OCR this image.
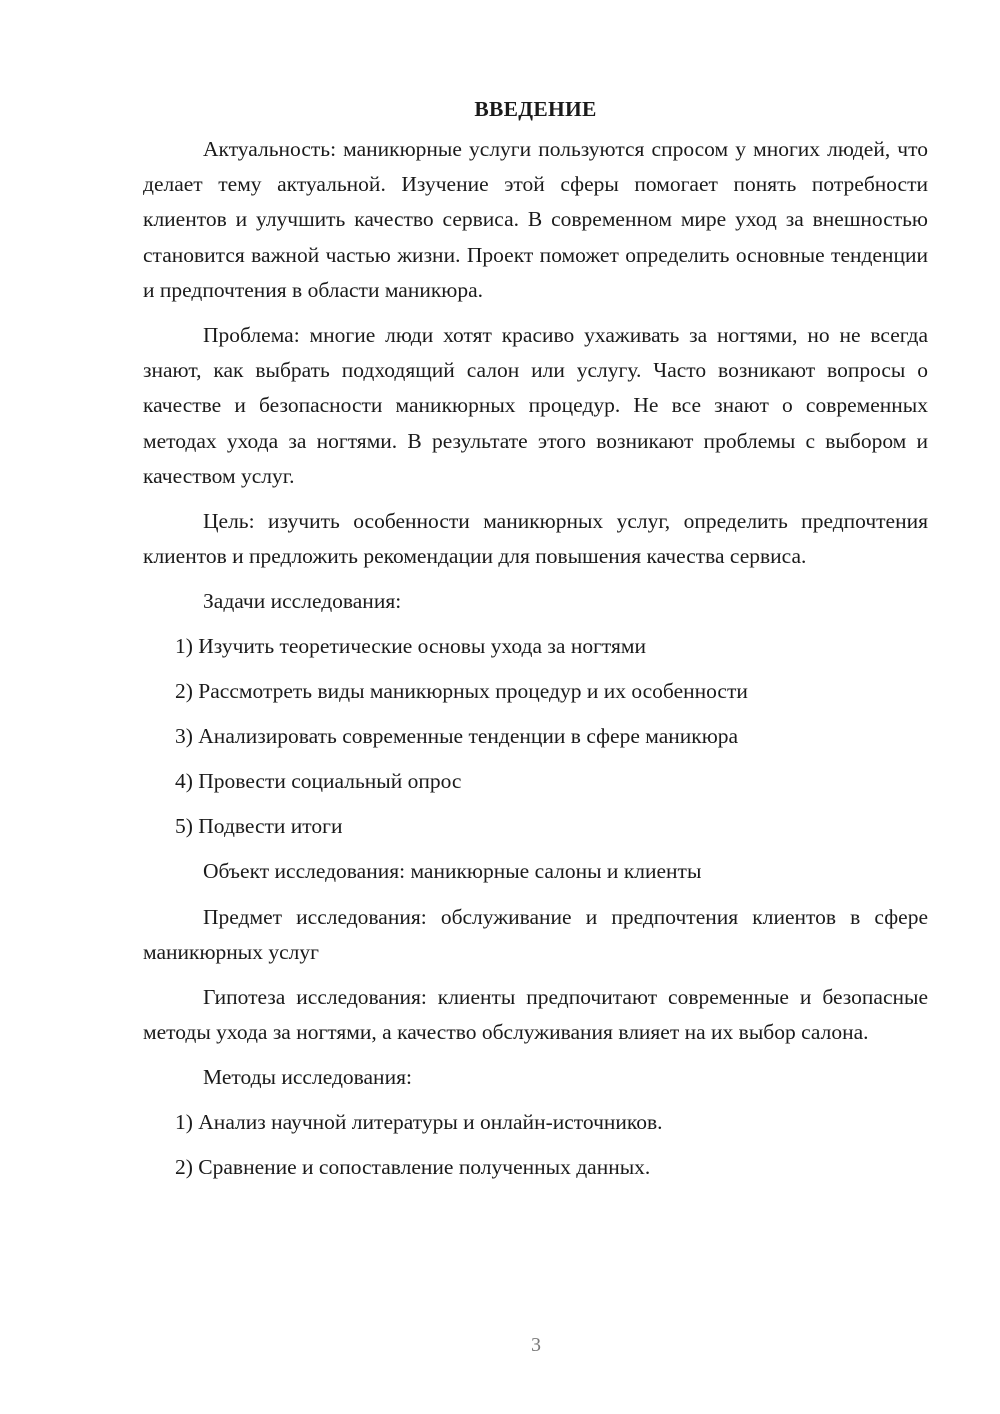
ВВЕДЕНИЕ

Актуальность: маникюрные услуги пользуются спросом у многих людей, что делает тему актуальной. Изучение этой сферы помогает понять потребности клиентов и улучшить качество сервиса. В современном мире уход за внешностью становится важной частью жизни. Проект поможет определить основные тенденции и предпочтения в области маникюра.

Проблема: многие люди хотят красиво ухаживать за ногтями, но не всегда знают, как выбрать подходящий салон или услугу. Часто возникают вопросы о качестве и безопасности маникюрных процедур. Не все знают о современных методах ухода за ногтями. В результате этого возникают проблемы с выбором и качеством услуг.

Цель: изучить особенности маникюрных услуг, определить предпочтения клиентов и предложить рекомендации для повышения качества сервиса.

Задачи исследования:
1) Изучить теоретические основы ухода за ногтями
2) Рассмотреть виды маникюрных процедур и их особенности
3) Анализировать современные тенденции в сфере маникюра
4) Провести социальный опрос
5) Подвести итоги

Объект исследования: маникюрные салоны и клиенты

Предмет исследования: обслуживание и предпочтения клиентов в сфере маникюрных услуг

Гипотеза исследования: клиенты предпочитают современные и безопасные методы ухода за ногтями, а качество обслуживания влияет на их выбор салона.

Методы исследования:
1) Анализ научной литературы и онлайн-источников.
2) Сравнение и сопоставление полученных данных.
3
